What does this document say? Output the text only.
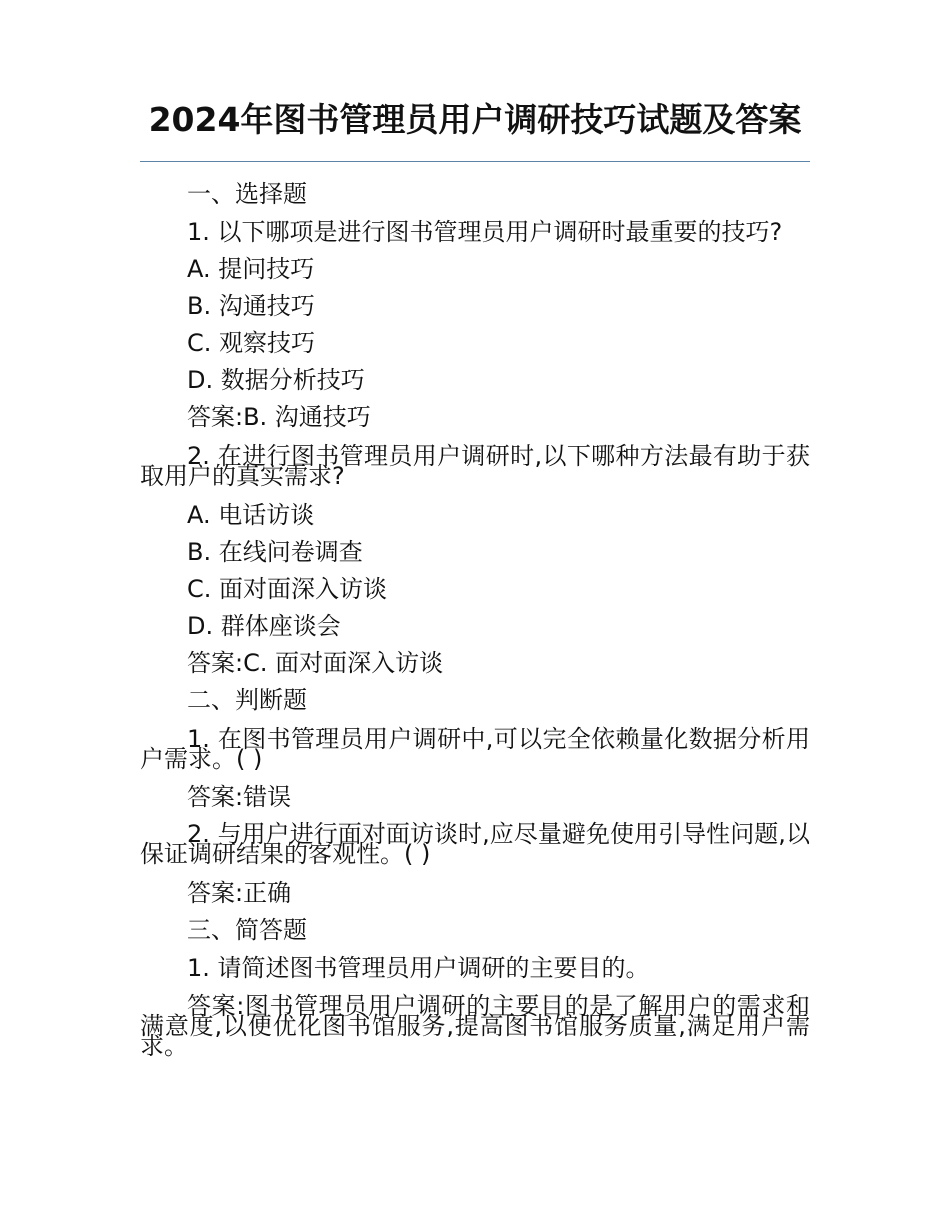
2024年图书管理员用户调研技巧试题及答案
一、选择题
1. 以下哪项是进行图书管理员用户调研时最重要的技巧?
A. 提问技巧
B. 沟通技巧
C. 观察技巧
D. 数据分析技巧
答案:B. 沟通技巧
2. 在进行图书管理员用户调研时,以下哪种方法最有助于获取用户的真实需求?
A. 电话访谈
B. 在线问卷调查
C. 面对面深入访谈
D. 群体座谈会
答案:C. 面对面深入访谈
二、判断题
1. 在图书管理员用户调研中,可以完全依赖量化数据分析用户需求。( )
答案:错误
2. 与用户进行面对面访谈时,应尽量避免使用引导性问题,以保证调研结果的客观性。( )
答案:正确
三、简答题
1. 请简述图书管理员用户调研的主要目的。
答案:图书管理员用户调研的主要目的是了解用户的需求和满意度,以便优化图书馆服务,提高图书馆服务质量,满足用户需求。
